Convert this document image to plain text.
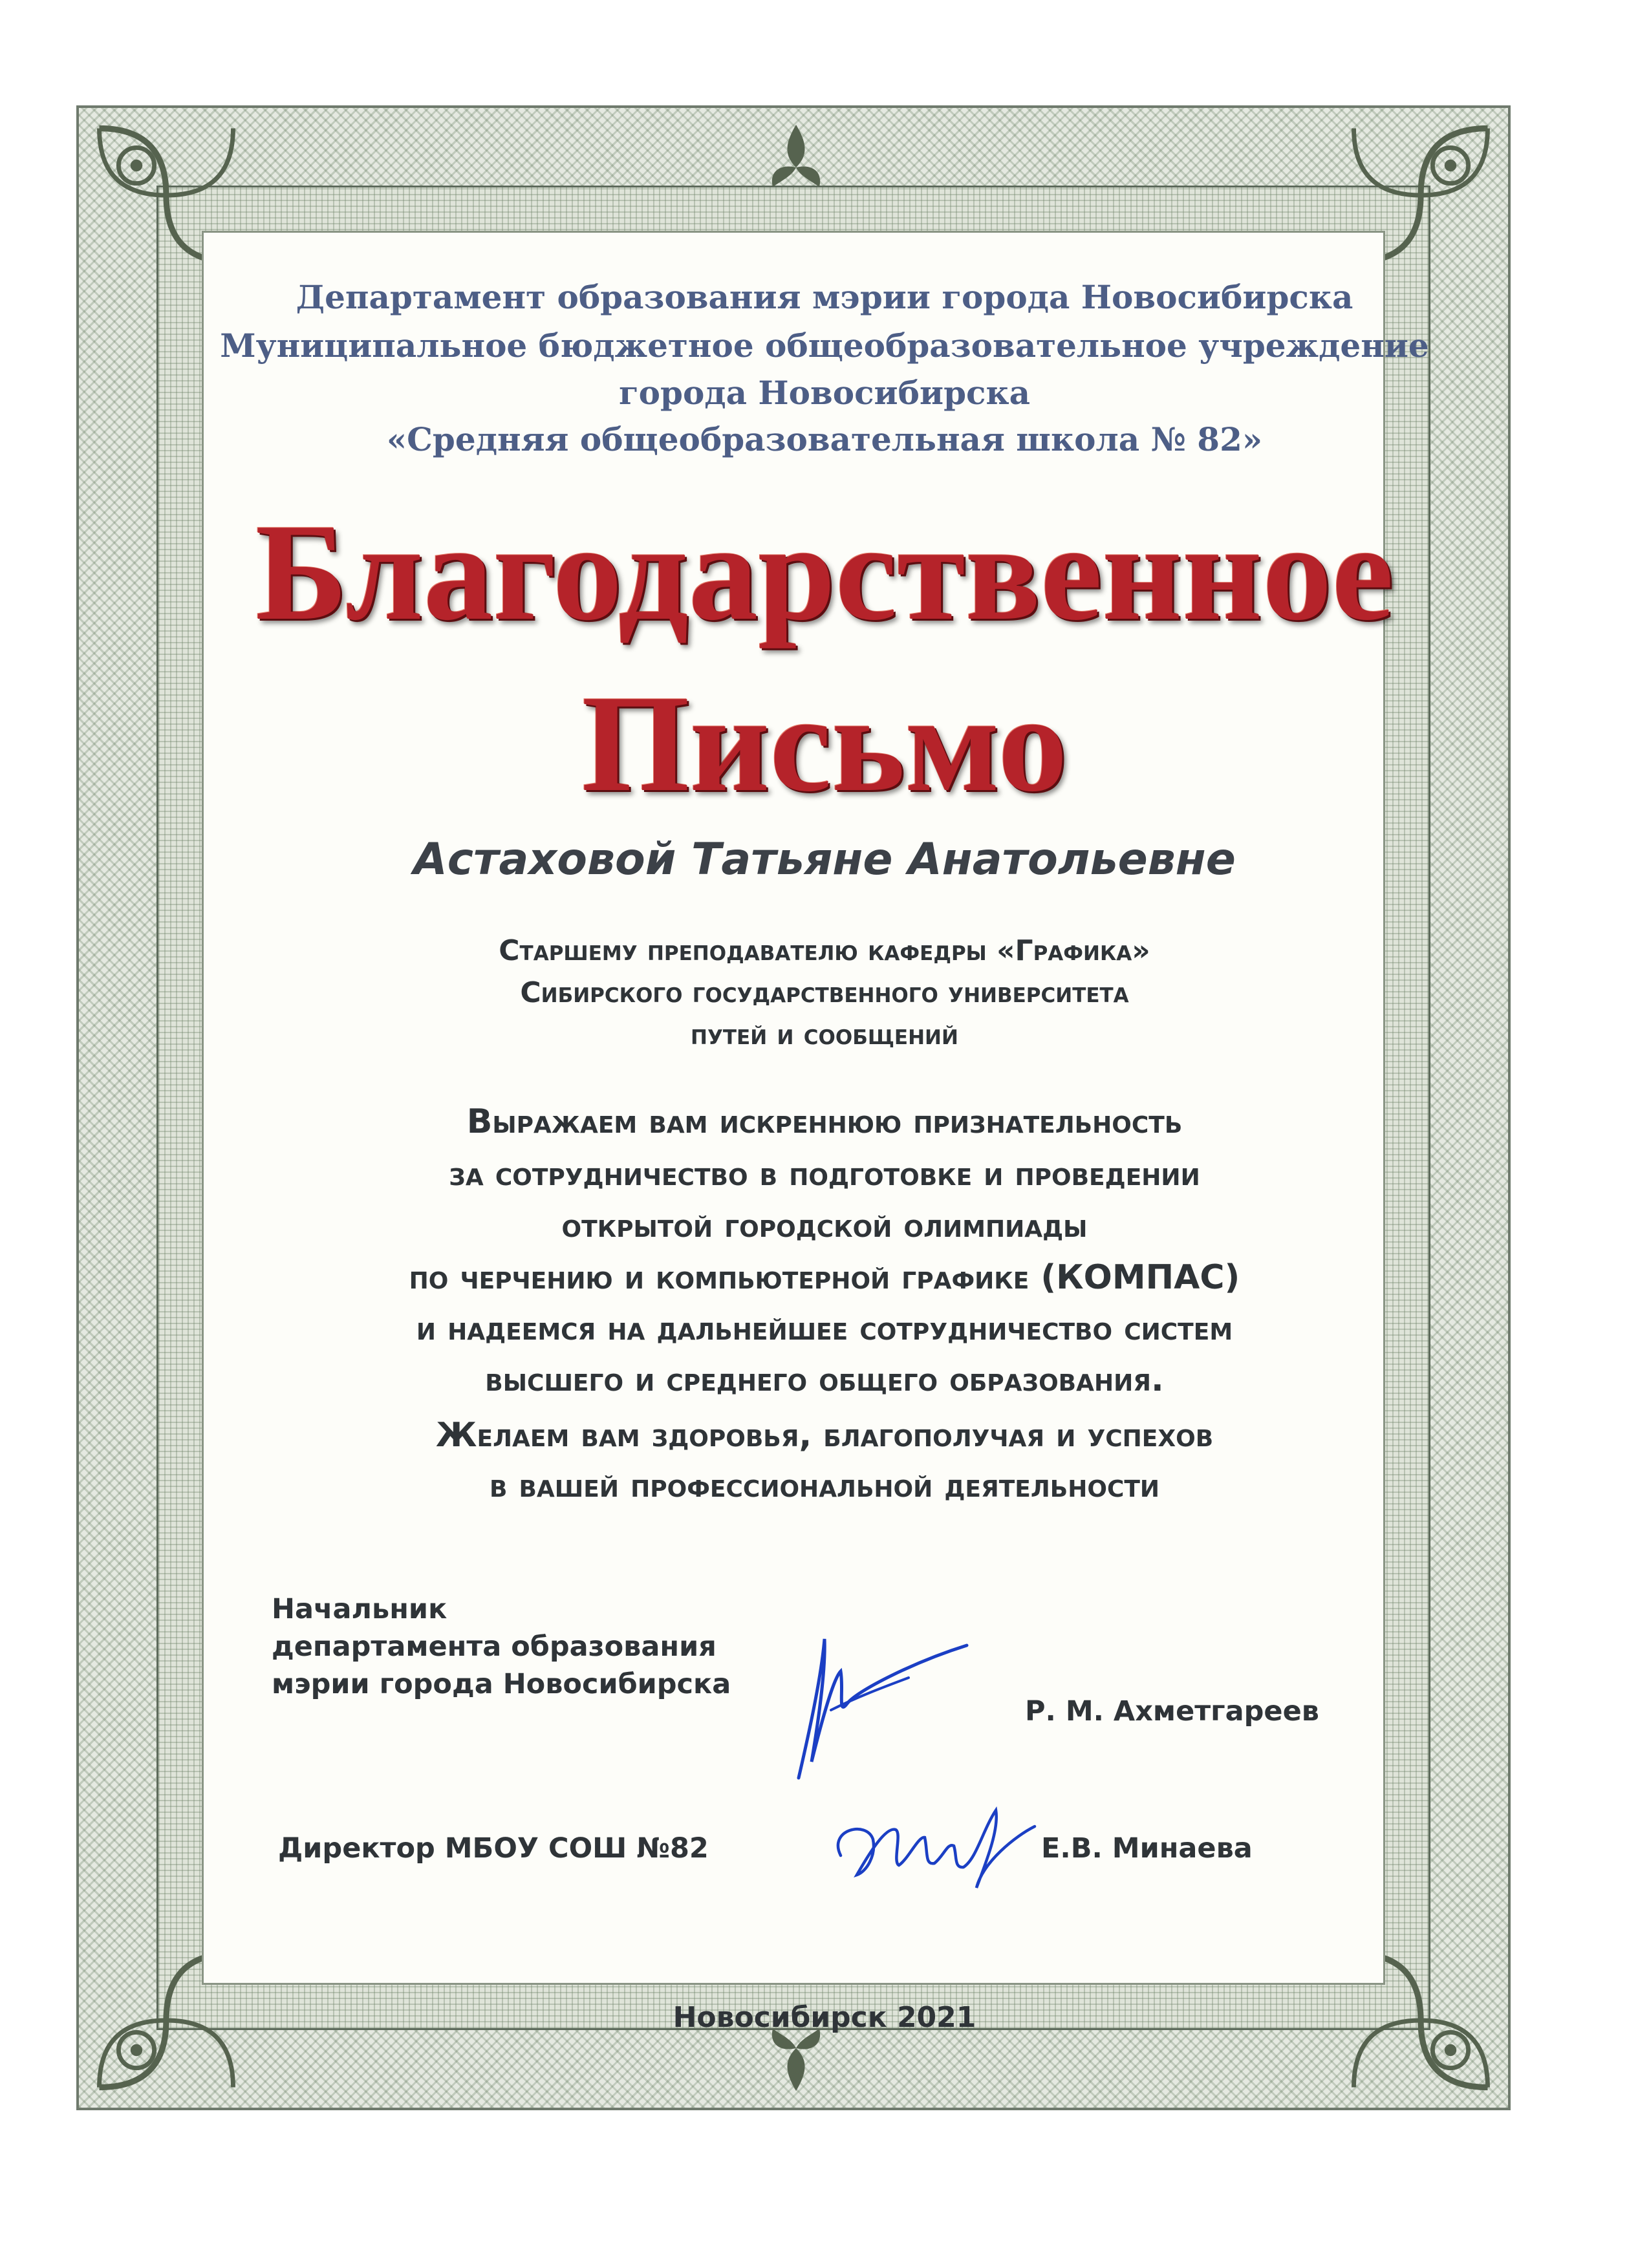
Департамент образования мэрии города Новосибирска
Муниципальное бюджетное общеобразовательное учреждение
города Новосибирска
«Средняя общеобразовательная школа № 82»
Благодарственное
Письмо
Астаховой Татьяне Анатольевне
Старшему преподавателю кафедры «Графика»
Сибирского государственного университета
путей и сообщений
Выражаем вам искреннюю признательность
за сотрудничество в подготовке и проведении
открытой городской олимпиады
по черчению и компьютерной графике (КОМПАС)
и надеемся на дальнейшее сотрудничество систем
высшего и среднего общего образования.
Желаем вам здоровья, благополучая и успехов
в вашей профессиональной деятельности
Начальник
департамента образования
мэрии города Новосибирска
Р. М. Ахметгареев
Директор МБОУ СОШ №82	Е.В. Минаева
Новосибирск 2021
